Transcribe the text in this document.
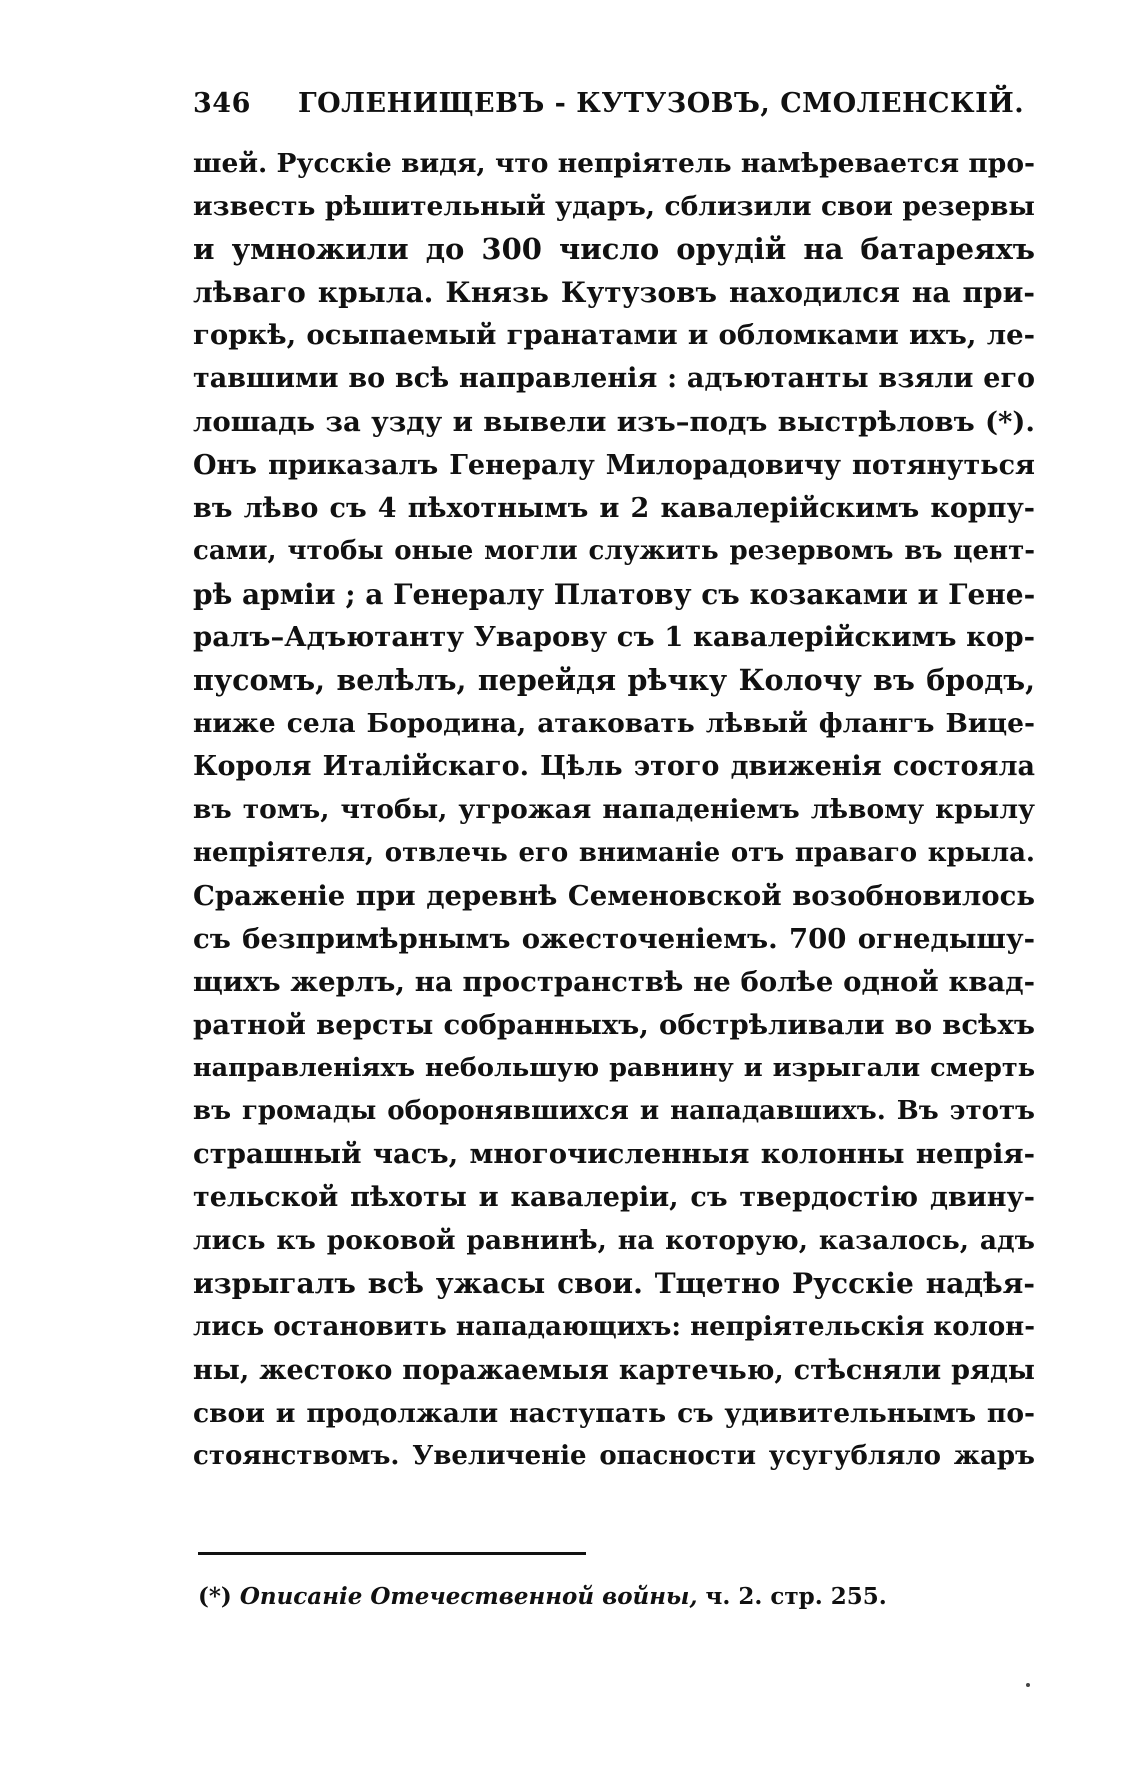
346 ГОЛЕНИЩЕВЪ - КУТУЗОВЪ, СМОЛЕНСКІЙ.
шей. Русскіе видя, что непріятель намѣревается про-
известь рѣшительный ударъ, сблизили свои резервы
и умножили до 300 число орудій на батареяхъ
лѣваго крыла. Князь Кутузовъ находился на при-
горкѣ, осыпаемый гранатами и обломками ихъ, ле-
тавшими во всѣ направленія : адъютанты взяли его
лошадь за узду и вывели изъ–подъ выстрѣловъ (*).
Онъ приказалъ Генералу Милорадовичу потянуться
въ лѣво съ 4 пѣхотнымъ и 2 кавалерійскимъ корпу-
сами, чтобы оные могли служить резервомъ въ цент-
рѣ арміи ; а Генералу Платову съ козаками и Гене-
ралъ–Адъютанту Уварову съ 1 кавалерійскимъ кор-
пусомъ, велѣлъ, перейдя рѣчку Колочу въ бродъ,
ниже села Бородина, атаковать лѣвый флангъ Вице-
Короля Италійскаго. Цѣль этого движенія состояла
въ томъ, чтобы, угрожая нападеніемъ лѣвому крылу
непріятеля, отвлечь его вниманіе отъ праваго крыла.
Сраженіе при деревнѣ Семеновской возобновилось
съ безпримѣрнымъ ожесточеніемъ. 700 огнедышу-
щихъ жерлъ, на пространствѣ не болѣе одной квад-
ратной версты собранныхъ, обстрѣливали во всѣхъ
направленіяхъ небольшую равнину и изрыгали смерть
въ громады оборонявшихся и нападавшихъ. Въ этотъ
страшный часъ, многочисленныя колонны непрія-
тельской пѣхоты и кавалеріи, съ твердостію двину-
лись къ роковой равнинѣ, на которую, казалось, адъ
изрыгалъ всѣ ужасы свои. Тщетно Русскіе надѣя-
лись остановить нападающихъ: непріятельскія колон-
ны, жестоко поражаемыя картечью, стѣсняли ряды
свои и продолжали наступать съ удивительнымъ по-
стоянствомъ. Увеличеніе опасности усугубляло жаръ
(*) Описаніе Отечественной войны, ч. 2. стр. 255.
